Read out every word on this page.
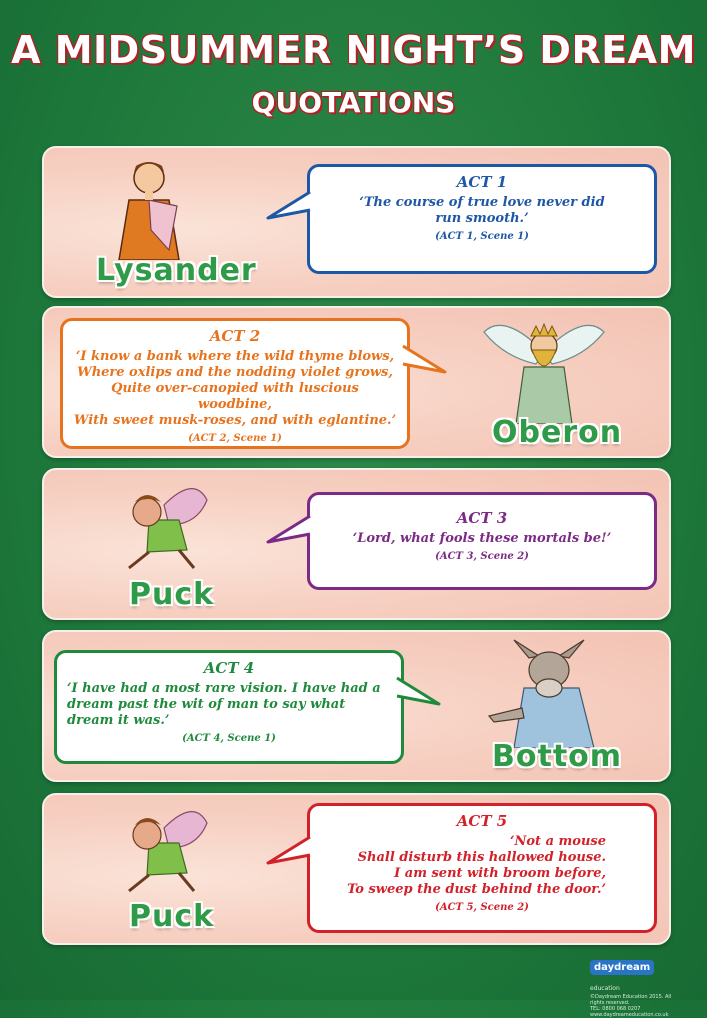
A MIDSUMMER NIGHT’S DREAM
QUOTATIONS
Lysander
ACT 1
‘The course of true love never did
run smooth.’
(ACT 1, Scene 1)
ACT 2
‘I know a bank where the wild thyme blows,
Where oxlips and the nodding violet grows,
Quite over-canopied with luscious woodbine,
With sweet musk-roses, and with eglantine.’
(ACT 2, Scene 1)	Oberon
Puck
ACT 3
‘Lord, what fools these mortals be!’
(ACT 3, Scene 2)
ACT 4
‘I have had a most rare vision. I have had a
dream past the wit of man to say what
dream it was.’
(ACT 4, Scene 1)
Bottom
Puck
ACT 5
‘Not a mouse
Shall disturb this hallowed house.
I am sent with broom before,
To sweep the dust behind the door.’
(ACT 5, Scene 2)
daydream education
©Daydream Education 2015. All rights reserved.
TEL: 0800 068 0207
www.daydreameducation.co.uk
